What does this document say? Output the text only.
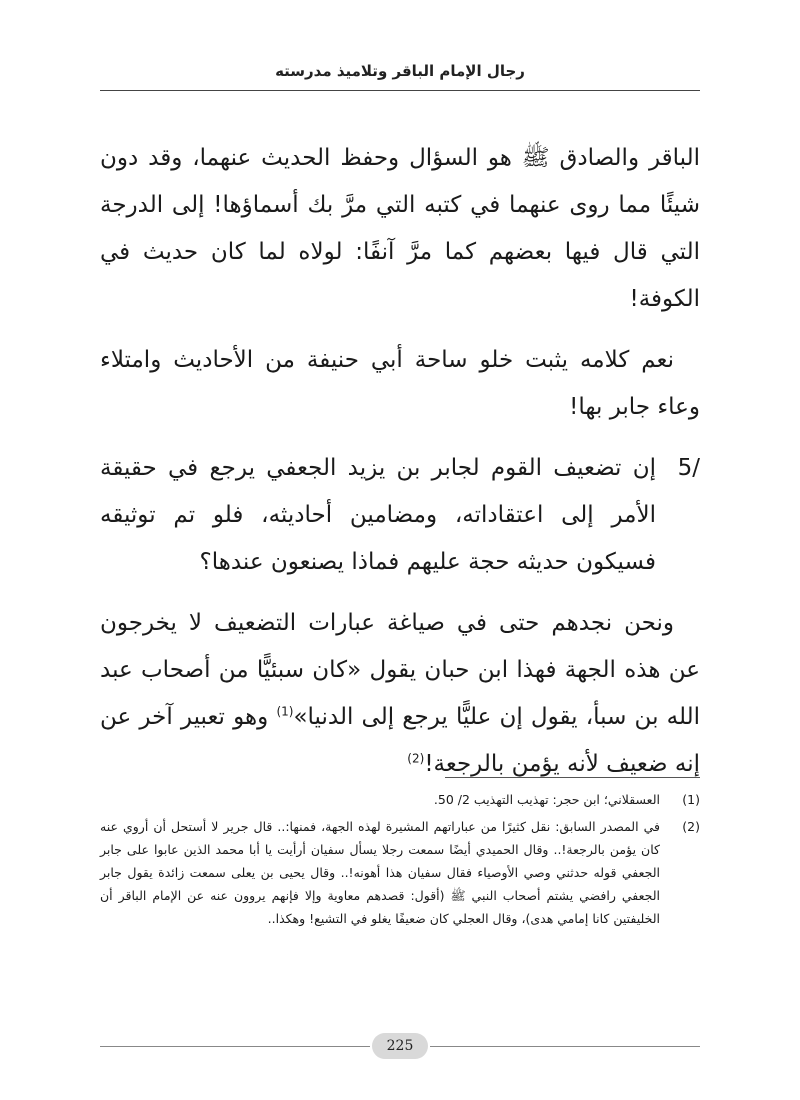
رجال الإمام الباقر وتلاميذ مدرسته

الباقر والصادق ﷺ هو السؤال وحفظ الحديث عنهما، وقد دون شيئًا مما روى عنهما في كتبه التي مرَّ بك أسماؤها! إلى الدرجة التي قال فيها بعضهم كما مرَّ آنفًا: لولاه لما كان حديث في الكوفة!

نعم كلامه يثبت خلو ساحة أبي حنيفة من الأحاديث وامتلاء وعاء جابر بها!

/5
إن تضعيف القوم لجابر بن يزيد الجعفي يرجع في حقيقة الأمر إلى اعتقاداته، ومضامين أحاديثه، فلو تم توثيقه فسيكون حديثه حجة عليهم فماذا يصنعون عندها؟

ونحن نجدهم حتى في صياغة عبارات التضعيف لا يخرجون عن هذه الجهة فهذا ابن حبان يقول «كان سبئيًّا من أصحاب عبد الله بن سبأ، يقول إن عليًّا يرجع إلى الدنيا»$^{(1)}$ وهو تعبير آخر عن إنه ضعيف لأنه يؤمن بالرجعة!$^{(2)}$

(1)
العسقلاني؛ ابن حجر: تهذيب التهذيب 2/ 50.
(2)
في المصدر السابق: نقل كثيرًا من عباراتهم المشيرة لهذه الجهة، فمنها:.. قال جرير لا أستحل أن أروي عنه كان يؤمن بالرجعة!.. وقال الحميدي أيضًا سمعت رجلا يسأل سفيان أرأيت يا أبا محمد الذين عابوا على جابر الجعفي قوله حدثني وصي الأوصياء فقال سفيان هذا أهونه!.. وقال يحيى بن يعلى سمعت زائدة يقول جابر الجعفي رافضي يشتم أصحاب النبي ﷺ (أقول: قصدهم معاوية وإلا فإنهم يروون عنه عن الإمام الباقر أن الخليفتين كانا إمامي هدى)، وقال العجلي كان ضعيفًا يغلو في التشيع! وهكذا..
225
